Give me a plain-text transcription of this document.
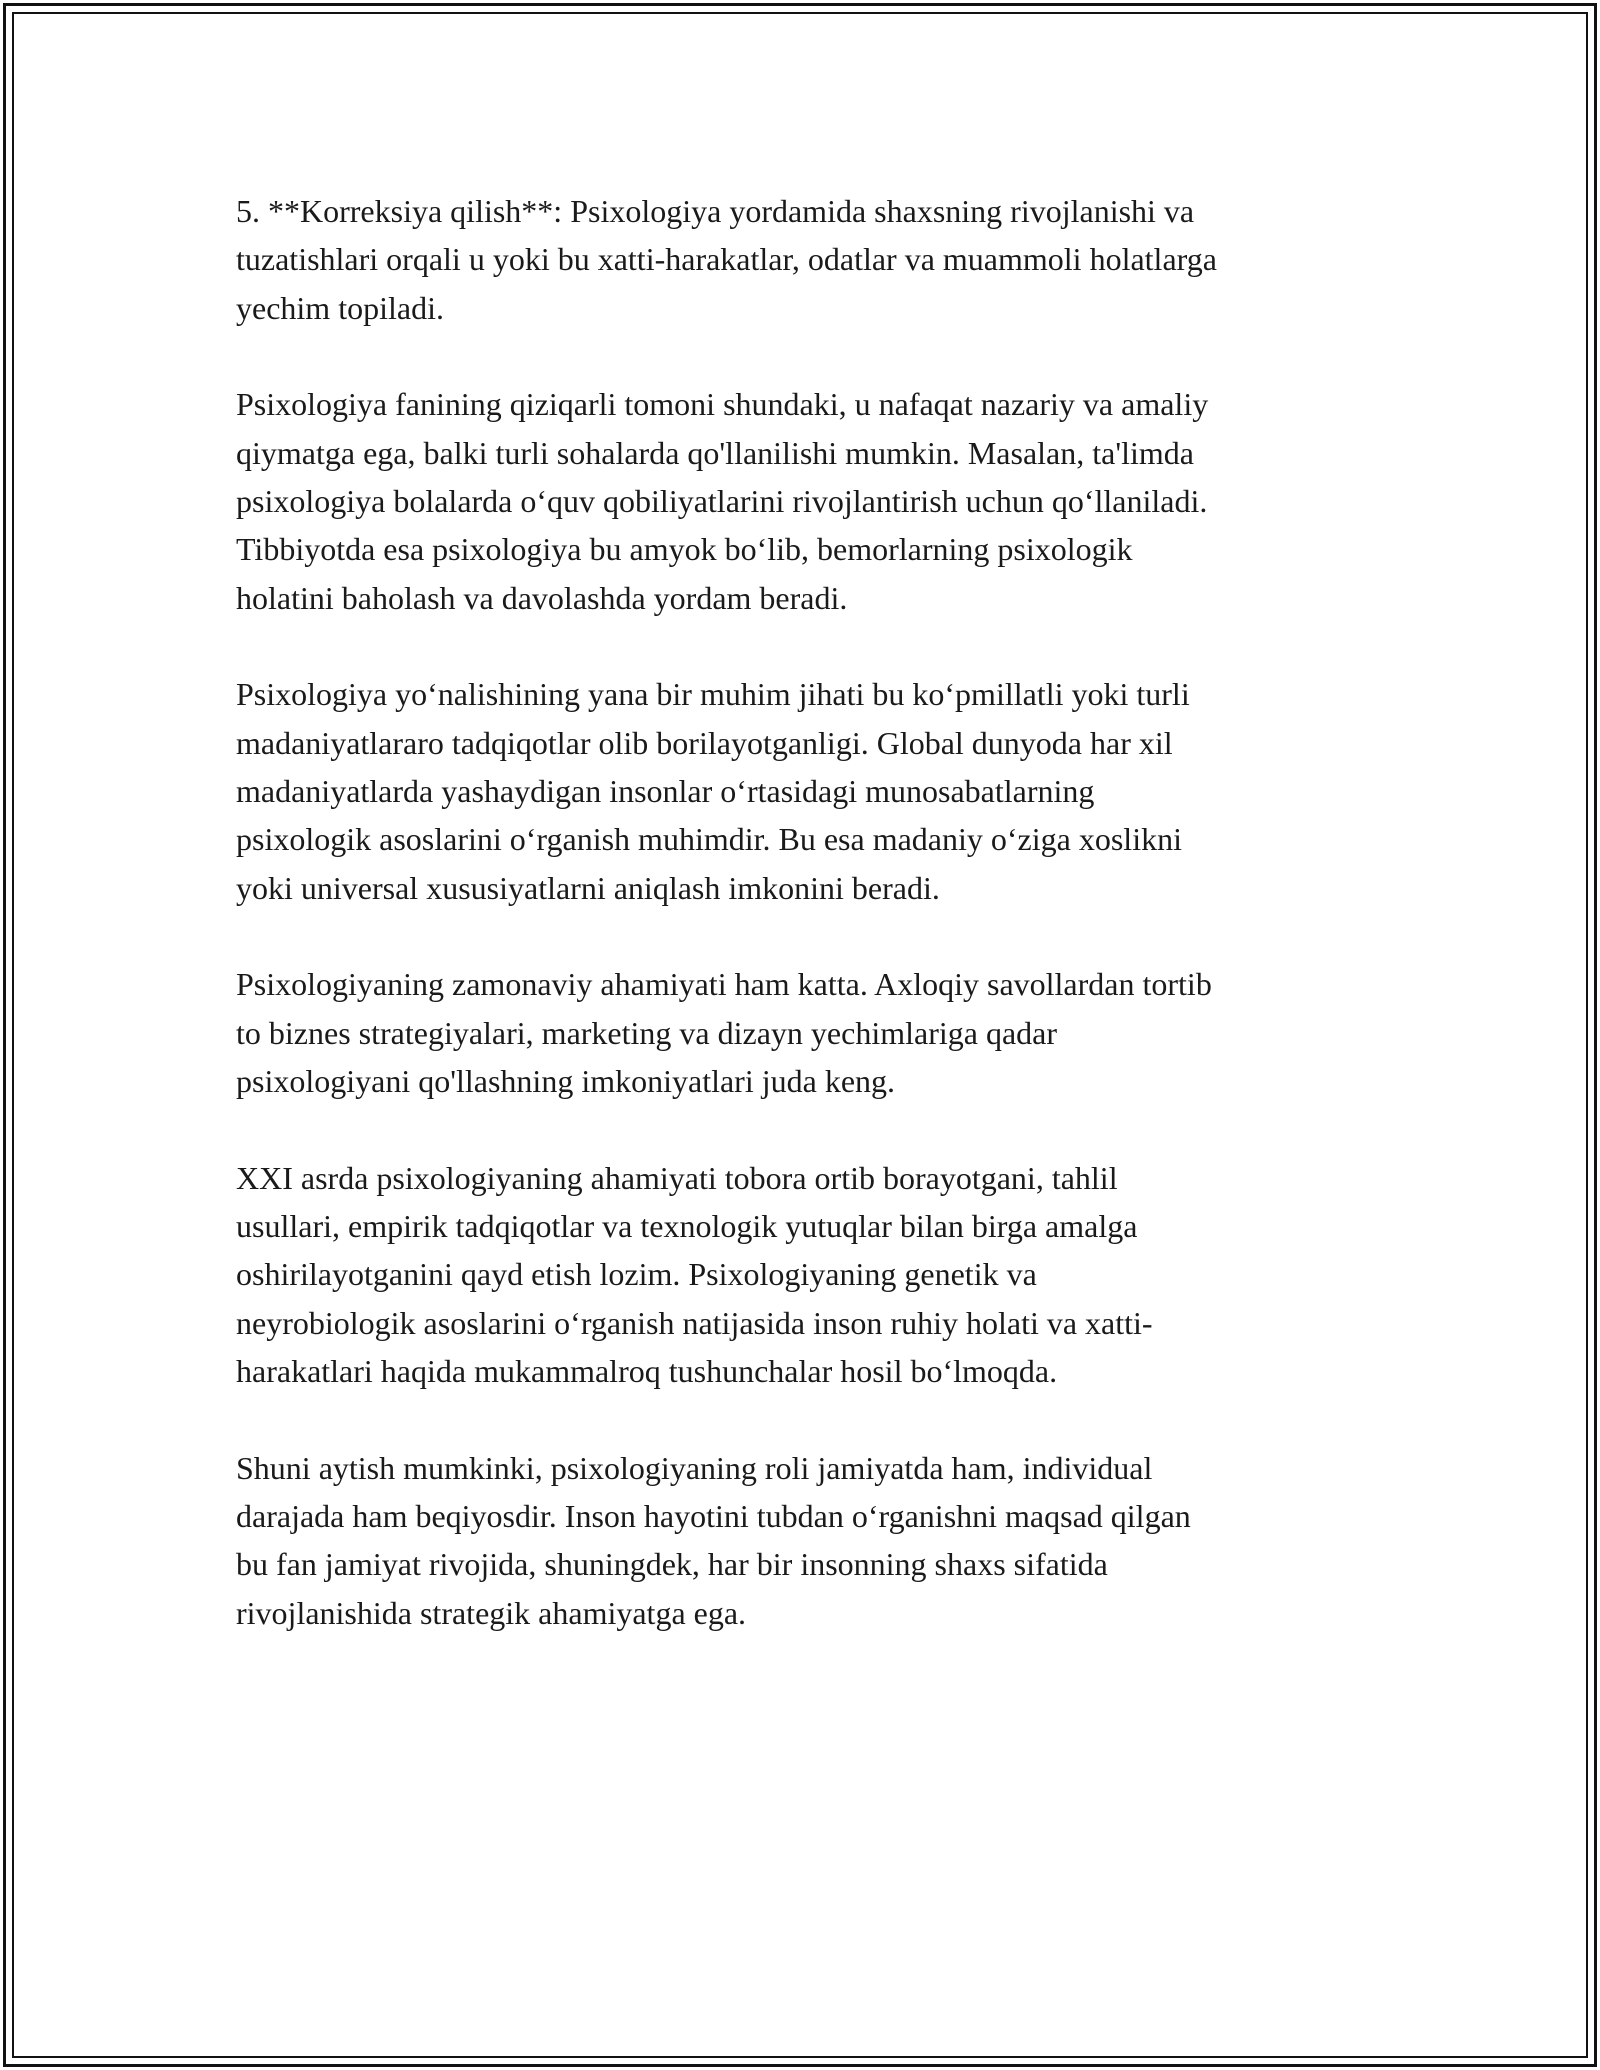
5. **Korreksiya qilish**: Psixologiya yordamida shaxsning rivojlanishi va
tuzatishlari orqali u yoki bu xatti-harakatlar, odatlar va muammoli holatlarga
yechim topiladi.

Psixologiya fanining qiziqarli tomoni shundaki, u nafaqat nazariy va amaliy
qiymatga ega, balki turli sohalarda qo'llanilishi mumkin. Masalan, ta'limda
psixologiya bolalarda o‘quv qobiliyatlarini rivojlantirish uchun qo‘llaniladi.
Tibbiyotda esa psixologiya bu amyok bo‘lib, bemorlarning psixologik
holatini baholash va davolashda yordam beradi.

Psixologiya yo‘nalishining yana bir muhim jihati bu ko‘pmillatli yoki turli
madaniyatlararo tadqiqotlar olib borilayotganligi. Global dunyoda har xil
madaniyatlarda yashaydigan insonlar o‘rtasidagi munosabatlarning
psixologik asoslarini o‘rganish muhimdir. Bu esa madaniy o‘ziga xoslikni
yoki universal xususiyatlarni aniqlash imkonini beradi.

Psixologiyaning zamonaviy ahamiyati ham katta. Axloqiy savollardan tortib
to biznes strategiyalari, marketing va dizayn yechimlariga qadar
psixologiyani qo'llashning imkoniyatlari juda keng.

XXI asrda psixologiyaning ahamiyati tobora ortib borayotgani, tahlil
usullari, empirik tadqiqotlar va texnologik yutuqlar bilan birga amalga
oshirilayotganini qayd etish lozim. Psixologiyaning genetik va
neyrobiologik asoslarini o‘rganish natijasida inson ruhiy holati va xatti-
harakatlari haqida mukammalroq tushunchalar hosil bo‘lmoqda.

Shuni aytish mumkinki, psixologiyaning roli jamiyatda ham, individual
darajada ham beqiyosdir. Inson hayotini tubdan o‘rganishni maqsad qilgan
bu fan jamiyat rivojida, shuningdek, har bir insonning shaxs sifatida
rivojlanishida strategik ahamiyatga ega.
